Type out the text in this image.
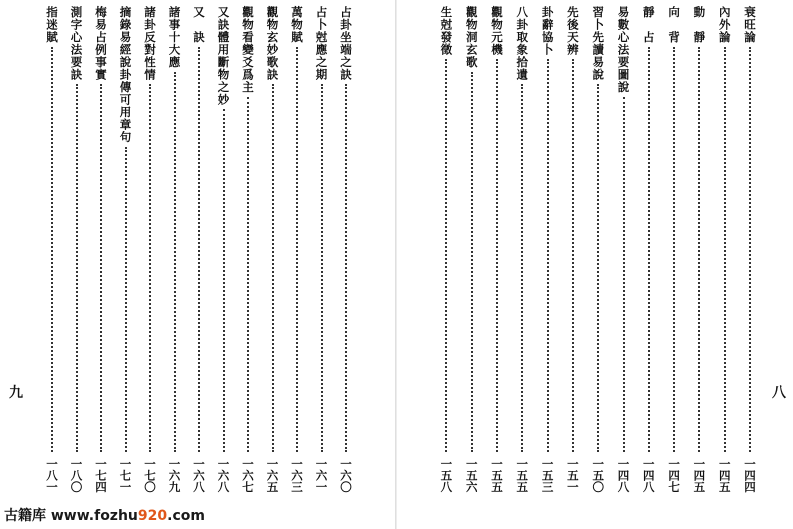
九
占卦坐端之訣
一六〇
占卜尅應之期
一六一
萬物賦
一六三
觀物玄妙歌訣
一六五
觀物看變爻爲主
一六七
又訣體用斷物之妙
一六八
又　訣
一六八
諸事十大應
一六九
諸卦反對性情
一七〇
摘錄易經說卦傳可用章句
一七一
梅易占例事實
一七四
測字心法要訣
一八〇
指迷賦
一八一
八
衰旺論
一四四
內外論
一四五
動　靜
一四五
向　背
一四七
靜　占
一四八
易數心法要圖說
一四八
習卜先讀易說
一五〇
先後天辨
一五一
卦辭協卜
一五三
八卦取象拾遺
一五五
觀物元機
一五五
觀物洞玄歌
一五六
生尅發徵
一五八
古籍库 www.fozhu920.com
